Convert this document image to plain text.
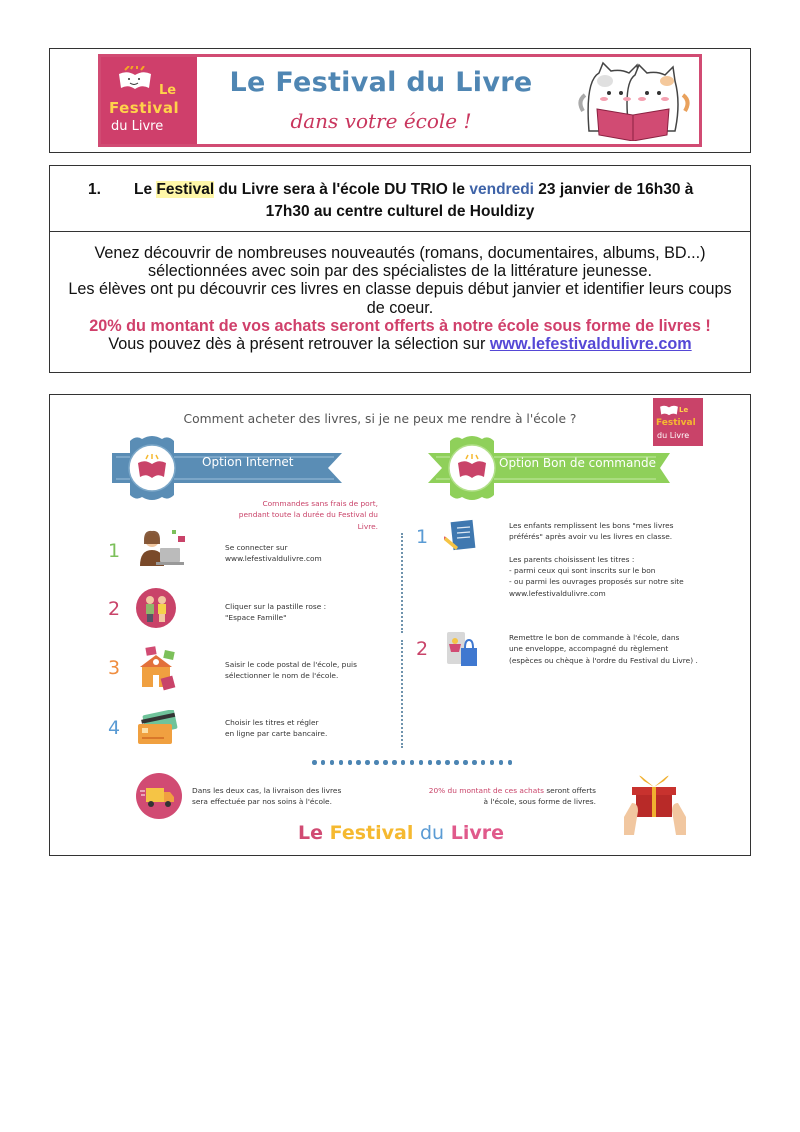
Le
Festival
du Livre
Le Festival du Livre
dans votre école !
1. Le Festival du Livre sera à l'école DU TRIO le vendredi 23 janvier de 16h30 à
17h30 au centre culturel de Houldizy

Venez découvrir de nombreuses nouveautés (romans, documentaires, albums, BD...)

sélectionnées avec soin par des spécialistes de la littérature jeunesse.

Les élèves ont pu découvrir ces livres en classe depuis début janvier et identifier leurs coups

de coeur.

20% du montant de vos achats seront offerts à notre école sous forme de livres !

Vous pouvez dès à présent retrouver la sélection sur www.lefestivaldulivre.com

Comment acheter des livres, si je ne peux me rendre à l'école ?
Le
Festival
du Livre
Option Internet	Option Bon de commande
Commandes sans frais de port,
pendant toute la durée du Festival du Livre.
1	Se connecter sur
www.lefestivaldulivre.com
2	Cliquer sur la pastille rose :
"Espace Famille"
3	Saisir le code postal de l'école, puis
sélectionner le nom de l'école.
4	Choisir les titres et régler
en ligne par carte bancaire.
1
Les enfants remplissent les bons "mes livres
préférés" après avoir vu les livres en classe.
Les parents choisissent les titres :
- parmi ceux qui sont inscrits sur le bon
- ou parmi les ouvrages proposés sur notre site
www.lefestivaldulivre.com
2
Remettre le bon de commande à l'école, dans
une enveloppe, accompagné du règlement
(espèces ou chèque à l'ordre du Festival du Livre) .
Dans les deux cas, la livraison des livres
sera effectuée par nos soins à l'école.
20% du montant de ces achats seront offerts
à l'école, sous forme de livres.
Le Festival du Livre
